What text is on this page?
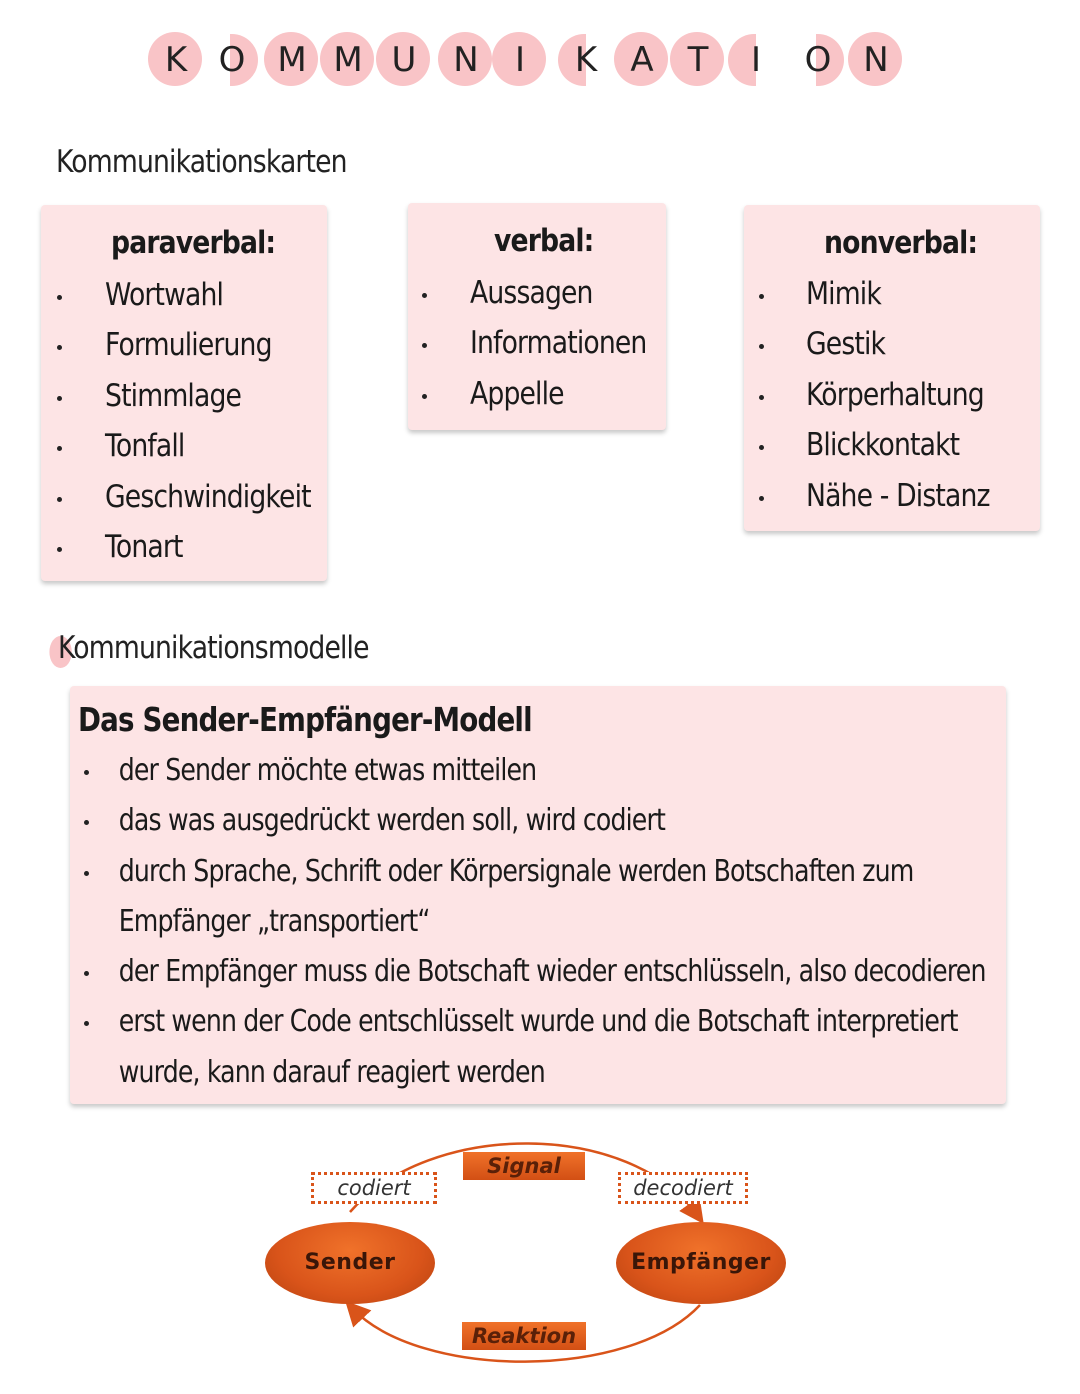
K O M M U	N	I	K A T	I	O N
Kommunikationskarten
paraverbal:
Wortwahl
Formulierung
Stimmlage
Tonfall
Geschwindigkeit
Tonart
verbal:
Aussagen
Informationen
Appelle
nonverbal:
Mimik
Gestik
Körperhaltung
Blickkontakt
Nähe - Distanz
Kommunikationsmodelle
Das Sender-Empfänger-Modell
der Sender möchte etwas mitteilen
das was ausgedrückt werden soll, wird codiert
durch Sprache, Schrift oder Körpersignale werden Botschaften zum
Empfänger „transportiert“
der Empfänger muss die Botschaft wieder entschlüsseln, also decodieren
erst wenn der Code entschlüsselt wurde und die Botschaft interpretiert
wurde, kann darauf reagiert werden
Sender	Empfänger
Signal
Reaktion
codiert	decodiert
